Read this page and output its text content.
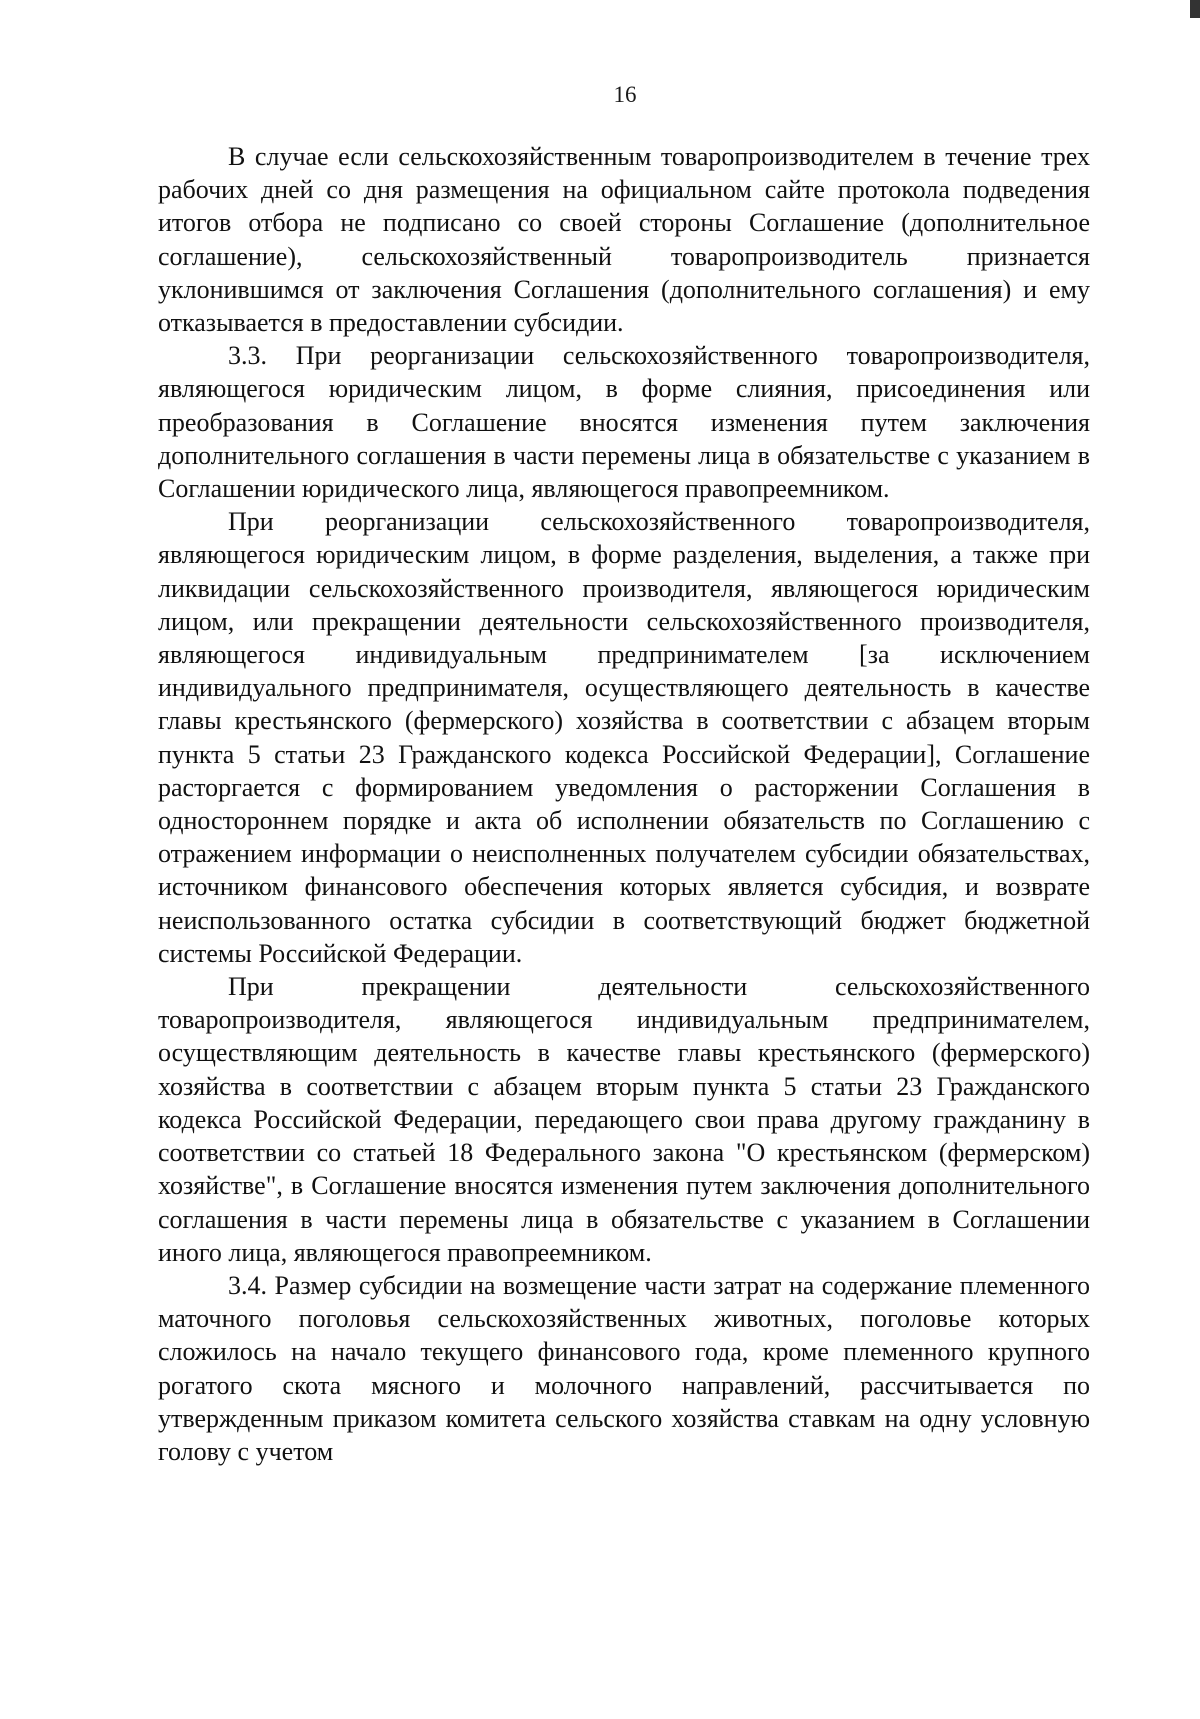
16

В случае если сельскохозяйственным товаропроизводителем в течение трех рабочих дней со дня размещения на официальном сайте протокола подведения итогов отбора не подписано со своей стороны Соглашение (дополнительное соглашение), сельскохозяйственный товаропроизводитель признается уклонившимся от заключения Соглашения (дополнительного соглашения) и ему отказывается в предоставлении субсидии.

3.3. При реорганизации сельскохозяйственного товаропроизводителя, являющегося юридическим лицом, в форме слияния, присоединения или преобразования в Соглашение вносятся изменения путем заключения дополнительного соглашения в части перемены лица в обязательстве с указанием в Соглашении юридического лица, являющегося правопреемником.

При реорганизации сельскохозяйственного товаропроизводителя, являющегося юридическим лицом, в форме разделения, выделения, а также при ликвидации сельскохозяйственного производителя, являющегося юридическим лицом, или прекращении деятельности сельскохозяйственного производителя, являющегося индивидуальным предпринимателем [за исключением индивидуального предпринимателя, осуществляющего деятельность в качестве главы крестьянского (фермерского) хозяйства в соответствии с абзацем вторым пункта 5 статьи 23 Гражданского кодекса Российской Федерации], Соглашение расторгается с формированием уведомления о расторжении Соглашения в одностороннем порядке и акта об исполнении обязательств по Соглашению с отражением информации о неисполненных получателем субсидии обязательствах, источником финансового обеспечения которых является субсидия, и возврате неиспользованного остатка субсидии в соответствующий бюджет бюджетной системы Российской Федерации.

При прекращении деятельности сельскохозяйственного товаропроизводителя, являющегося индивидуальным предпринимателем, осуществляющим деятельность в качестве главы крестьянского (фермерского) хозяйства в соответствии с абзацем вторым пункта 5 статьи 23 Гражданского кодекса Российской Федерации, передающего свои права другому гражданину в соответствии со статьей 18 Федерального закона "О крестьянском (фермерском) хозяйстве", в Соглашение вносятся изменения путем заключения дополнительного соглашения в части перемены лица в обязательстве с указанием в Соглашении иного лица, являющегося правопреемником.

3.4. Размер субсидии на возмещение части затрат на содержание племенного маточного поголовья сельскохозяйственных животных, поголовье которых сложилось на начало текущего финансового года, кроме племенного крупного рогатого скота мясного и молочного направлений, рассчитывается по утвержденным приказом комитета сельского хозяйства ставкам на одну условную голову с учетом
